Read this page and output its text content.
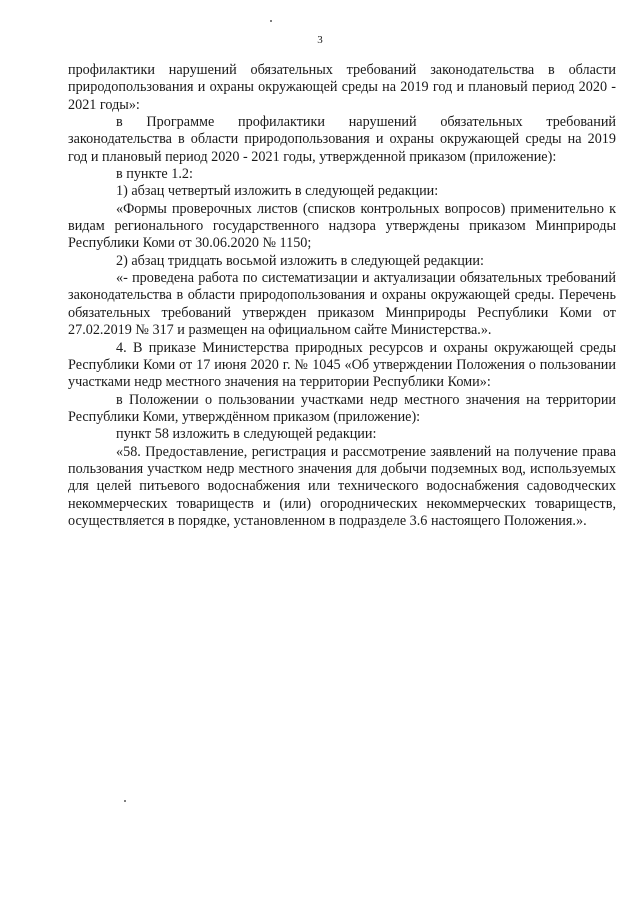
3

профилактики нарушений обязательных требований законодательства в области природопользования и охраны окружающей среды на 2019 год и плановый период 2020 - 2021 годы»:

в Программе профилактики нарушений обязательных требований законодательства в области природопользования и охраны окружающей среды на 2019 год и плановый период 2020 - 2021 годы, утвержденной приказом (приложение):

в пункте 1.2:

1) абзац четвертый изложить в следующей редакции:

«Формы проверочных листов (списков контрольных вопросов) применительно к видам регионального государственного надзора утверждены приказом Минприроды Республики Коми от 30.06.2020 № 1150;

2) абзац тридцать восьмой изложить в следующей редакции:

«- проведена работа по систематизации и актуализации обязательных требований законодательства в области природопользования и охраны окружающей среды. Перечень обязательных требований утвержден приказом Минприроды Республики Коми от 27.02.2019 № 317 и размещен на официальном сайте Министерства.».

4. В приказе Министерства природных ресурсов и охраны окружающей среды Республики Коми от 17 июня 2020 г. № 1045 «Об утверждении Положения о пользовании участками недр местного значения на территории Республики Коми»:

в Положении о пользовании участками недр местного значения на территории Республики Коми, утверждённом приказом (приложение):

пункт 58 изложить в следующей редакции:

«58. Предоставление, регистрация и рассмотрение заявлений на получение права пользования участком недр местного значения для добычи подземных вод, используемых для целей питьевого водоснабжения или технического водоснабжения садоводческих некоммерческих товариществ и (или) огороднических некоммерческих товариществ, осуществляется в порядке, установленном в подразделе 3.6 настоящего Положения.».
